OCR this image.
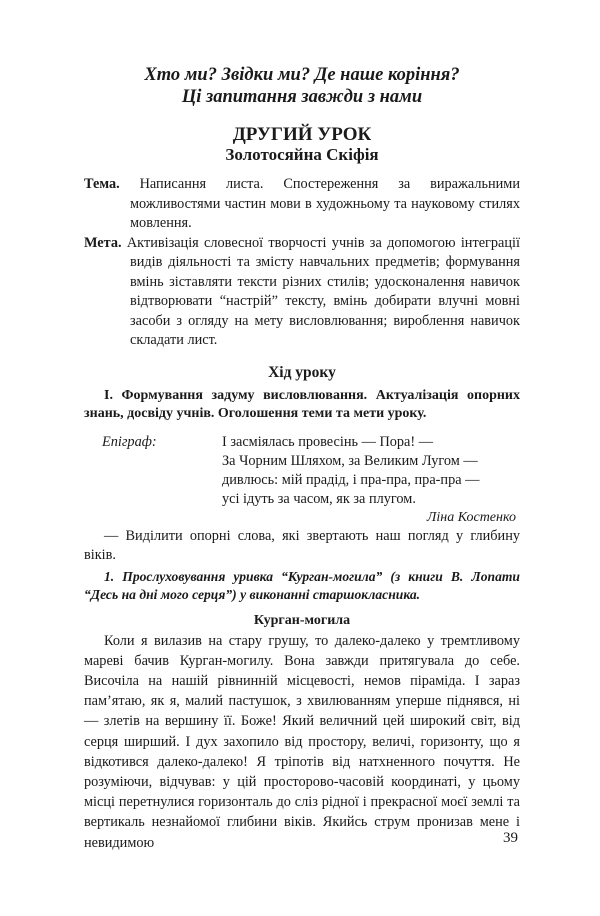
Хто ми? Звідки ми? Де наше коріння?
Ці запитання завжди з нами
ДРУГИЙ УРОК
Золотосяйна Скіфія

Тема. Написання листа. Спостереження за виражальними можливостями частин мови в художньому та науковому стилях мовлення.

Мета. Активізація словесної творчості учнів за допомогою інтеграції видів діяльності та змісту навчальних предметів; формування вмінь зіставляти тексти різних стилів; удосконалення навичок відтворювати “настрій” тексту, вмінь добирати влучні мовні засоби з огляду на мету висловлювання; вироблення навичок складати лист.

Хід уроку

І. Формування задуму висловлювання. Актуалізація опорних знань, досвіду учнів. Оголошення теми та мети уроку.

Епіграф:	І засміялась провесінь — Пора! —
За Чорним Шляхом, за Великим Лугом —
дивлюсь: мій прадід, і пра-пра, пра-пра —
усі ідуть за часом, як за плугом.
Ліна Костенко

— Виділити опорні слова, які звертають наш погляд у глибину віків.

1. Прослуховування уривка “Курган-могила” (з книги В. Лопати “Десь на дні мого серця”) у виконанні старшокласника.

Курган-могила

Коли я вилазив на стару грушу, то далеко-далеко у тремтливому мареві бачив Курган-могилу. Вона завжди притягувала до себе. Височіла на нашій рівнинній місцевості, немов піраміда. І зараз пам’ятаю, як я, малий пастушок, з хвилюванням уперше піднявся, ні — злетів на вершину її. Боже! Який величний цей широкий світ, від серця ширший. І дух захопило від простору, величі, горизонту, що я відкотився далеко-далеко! Я тріпотів від натхненного почуття. Не розуміючи, відчував: у цій просторово-часовій координаті, у цьому місці перетнулися горизонталь до сліз рідної і прекрасної моєї землі та вертикаль незнайомої глибини віків. Якийсь струм пронизав мене і невидимою	39
